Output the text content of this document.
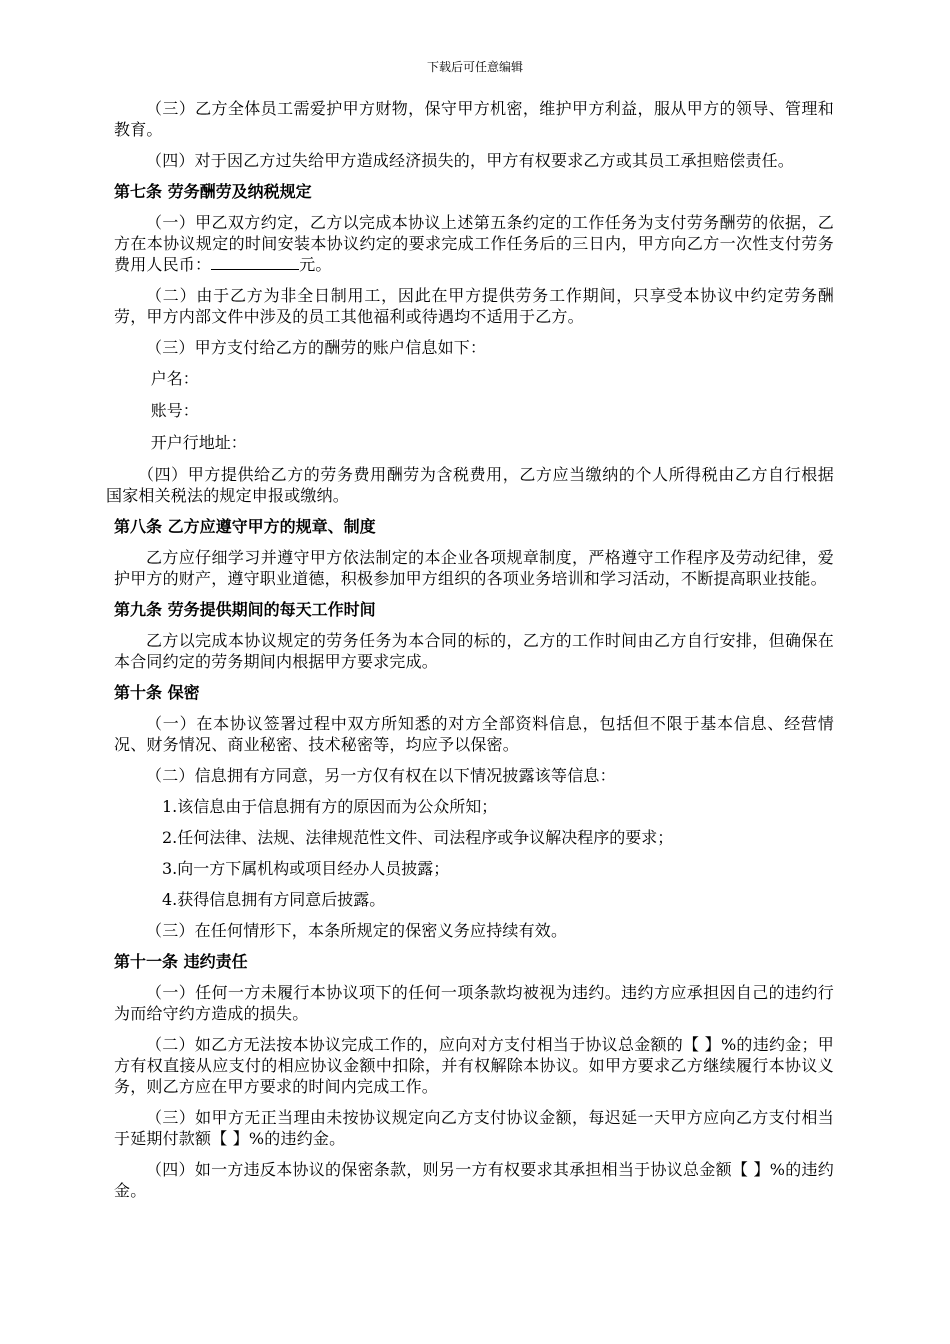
下载后可任意编辑
（三）乙方全体员工需爱护甲方财物，保守甲方机密，维护甲方利益，服从甲方的领导、管理和教育。
（四）对于因乙方过失给甲方造成经济损失的，甲方有权要求乙方或其员工承担赔偿责任。
第七条 劳务酬劳及纳税规定
（一）甲乙双方约定，乙方以完成本协议上述第五条约定的工作任务为支付劳务酬劳的依据，乙方在本协议规定的时间安装本协议约定的要求完成工作任务后的三日内，甲方向乙方一次性支付劳务费用人民币：	元。
（二）由于乙方为非全日制用工，因此在甲方提供劳务工作期间，只享受本协议中约定劳务酬劳，甲方内部文件中涉及的员工其他福利或待遇均不适用于乙方。
（三）甲方支付给乙方的酬劳的账户信息如下：
户名：
账号：
开户行地址：
（四）甲方提供给乙方的劳务费用酬劳为含税费用，乙方应当缴纳的个人所得税由乙方自行根据国家相关税法的规定申报或缴纳。
第八条 乙方应遵守甲方的规章、制度
乙方应仔细学习并遵守甲方依法制定的本企业各项规章制度，严格遵守工作程序及劳动纪律，爱护甲方的财产，遵守职业道德，积极参加甲方组织的各项业务培训和学习活动，不断提高职业技能。
第九条 劳务提供期间的每天工作时间
乙方以完成本协议规定的劳务任务为本合同的标的，乙方的工作时间由乙方自行安排，但确保在本合同约定的劳务期间内根据甲方要求完成。
第十条 保密
（一）在本协议签署过程中双方所知悉的对方全部资料信息，包括但不限于基本信息、经营情况、财务情况、商业秘密、技术秘密等，均应予以保密。
（二）信息拥有方同意，另一方仅有权在以下情况披露该等信息：
1.该信息由于信息拥有方的原因而为公众所知；
2.任何法律、法规、法律规范性文件、司法程序或争议解决程序的要求；
3.向一方下属机构或项目经办人员披露；
4.获得信息拥有方同意后披露。
（三）在任何情形下，本条所规定的保密义务应持续有效。
第十一条 违约责任
（一）任何一方未履行本协议项下的任何一项条款均被视为违约。违约方应承担因自己的违约行为而给守约方造成的损失。
（二）如乙方无法按本协议完成工作的，应向对方支付相当于协议总金额的【 】%的违约金；甲方有权直接从应支付的相应协议金额中扣除，并有权解除本协议。如甲方要求乙方继续履行本协议义务，则乙方应在甲方要求的时间内完成工作。
（三）如甲方无正当理由未按协议规定向乙方支付协议金额，每迟延一天甲方应向乙方支付相当于延期付款额【 】%的违约金。
（四）如一方违反本协议的保密条款，则另一方有权要求其承担相当于协议总金额【 】%的违约金。
